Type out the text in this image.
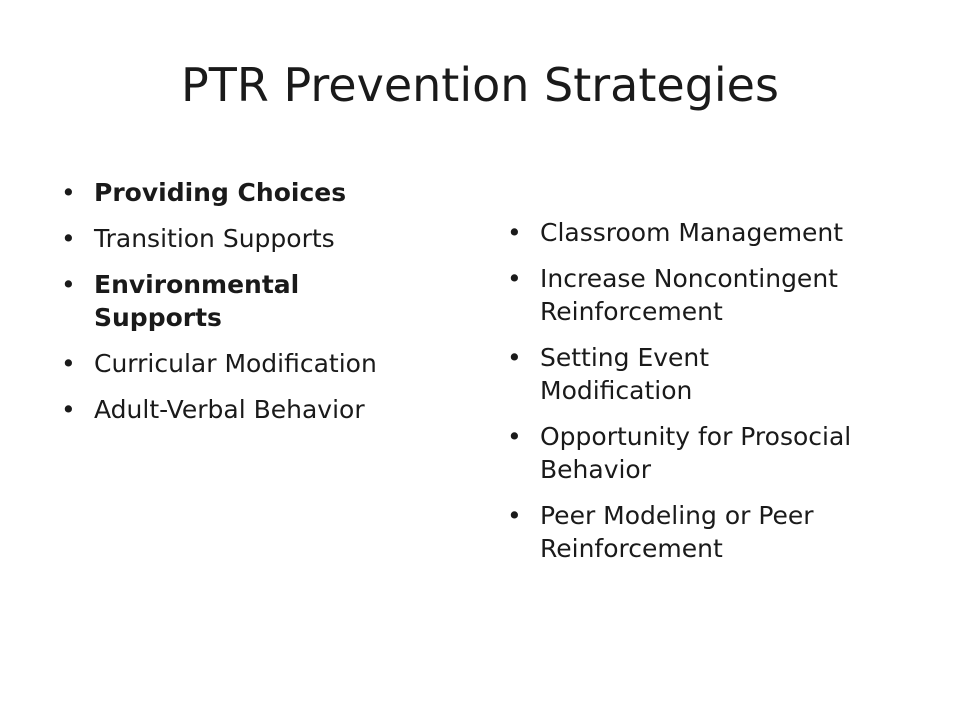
PTR Prevention Strategies
• Providing Choices
• Transition Supports
• Environmental Supports
• Curricular Modification
• Adult-Verbal Behavior
• Classroom Management
• Increase Noncontingent Reinforcement
• Setting Event Modification
• Opportunity for Prosocial Behavior
• Peer Modeling or Peer Reinforcement
